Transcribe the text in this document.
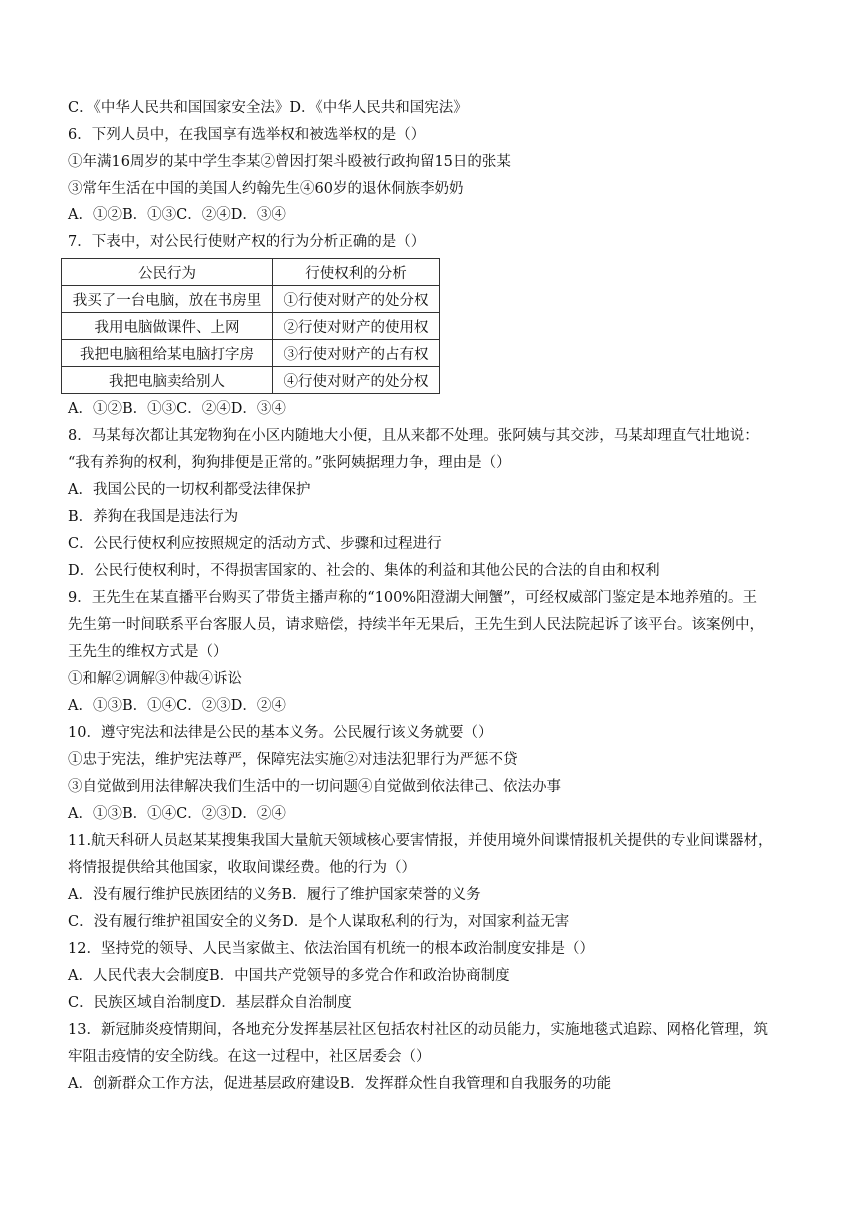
C．《中华人民共和国国家安全法》D．《中华人民共和国宪法》
6．下列人员中，在我国享有选举权和被选举权的是（）
①年满16周岁的某中学生李某②曾因打架斗殴被行政拘留15日的张某
③常年生活在中国的美国人约翰先生④60岁的退休侗族李奶奶
A．①②B．①③C．②④D．③④
7．下表中，对公民行使财产权的行为分析正确的是（）
公民行为	行使权利的分析
我买了一台电脑，放在书房里	①行使对财产的处分权
我用电脑做课件、上网	②行使对财产的使用权
我把电脑租给某电脑打字房	③行使对财产的占有权
我把电脑卖给别人	④行使对财产的处分权
A．①②B．①③C．②④D．③④
8．马某每次都让其宠物狗在小区内随地大小便，且从来都不处理。张阿姨与其交涉，马某却理直气壮地说：
“我有养狗的权利，狗狗排便是正常的。”张阿姨据理力争，理由是（）
A．我国公民的一切权利都受法律保护
B．养狗在我国是违法行为
C．公民行使权利应按照规定的活动方式、步骤和过程进行
D．公民行使权利时，不得损害国家的、社会的、集体的利益和其他公民的合法的自由和权利
9．王先生在某直播平台购买了带货主播声称的“100%阳澄湖大闸蟹”，可经权威部门鉴定是本地养殖的。王
先生第一时间联系平台客服人员，请求赔偿，持续半年无果后，王先生到人民法院起诉了该平台。该案例中，
王先生的维权方式是（）
①和解②调解③仲裁④诉讼
A．①③B．①④C．②③D．②④
10．遵守宪法和法律是公民的基本义务。公民履行该义务就要（）
①忠于宪法，维护宪法尊严，保障宪法实施②对违法犯罪行为严惩不贷
③自觉做到用法律解决我们生活中的一切问题④自觉做到依法律己、依法办事
A．①③B．①④C．②③D．②④
11.航天科研人员赵某某搜集我国大量航天领域核心要害情报，并使用境外间谍情报机关提供的专业间谍器材，
将情报提供给其他国家，收取间谍经费。他的行为（）
A．没有履行维护民族团结的义务B．履行了维护国家荣誉的义务
C．没有履行维护祖国安全的义务D．是个人谋取私利的行为，对国家利益无害
12．坚持党的领导、人民当家做主、依法治国有机统一的根本政治制度安排是（）
A．人民代表大会制度B．中国共产党领导的多党合作和政治协商制度
C．民族区域自治制度D．基层群众自治制度
13．新冠肺炎疫情期间，各地充分发挥基层社区包括农村社区的动员能力，实施地毯式追踪、网格化管理，筑
牢阻击疫情的安全防线。在这一过程中，社区居委会（）
A．创新群众工作方法，促进基层政府建设B．发挥群众性自我管理和自我服务的功能
